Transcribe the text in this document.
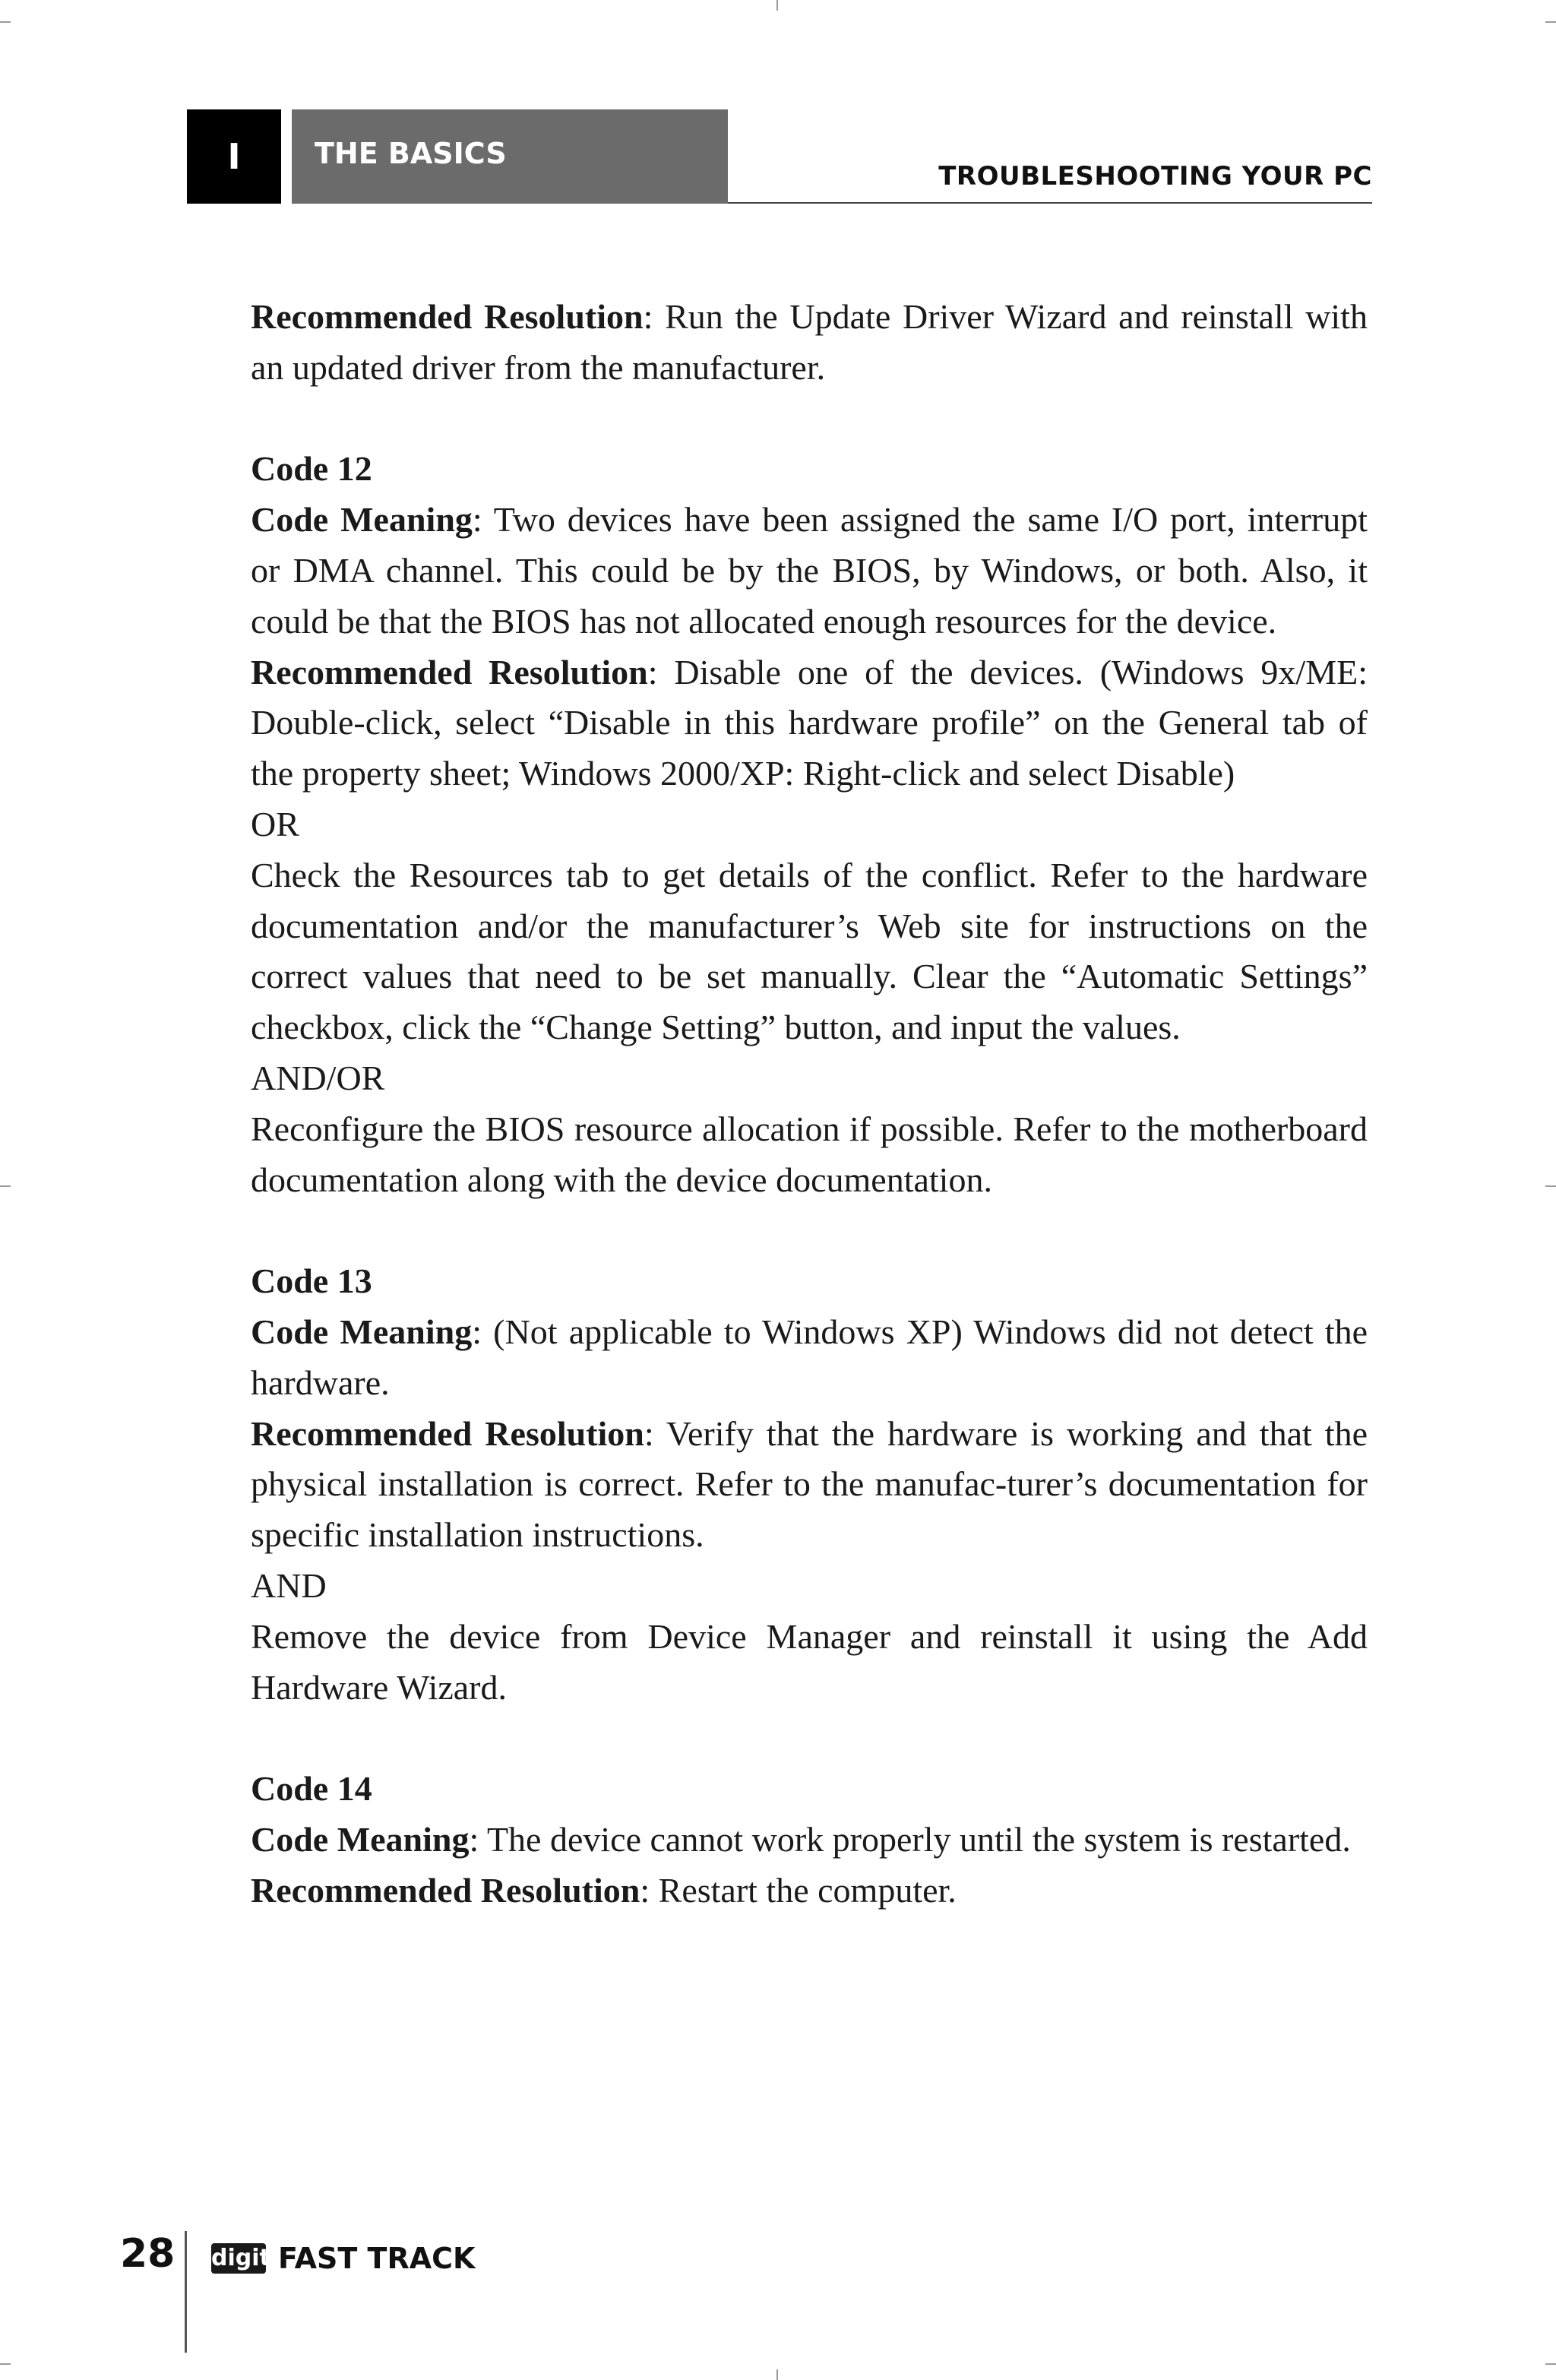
I	THE BASICS
TROUBLESHOOTING YOUR PC

Recommended Resolution: Run the Update Driver Wizard and reinstall with an updated driver from the manufacturer.

Code 12

Code Meaning: Two devices have been assigned the same I/O port, interrupt or DMA channel. This could be by the BIOS, by Windows, or both. Also, it could be that the BIOS has not allocated enough resources for the device.

Recommended Resolution: Disable one of the devices. (Windows 9x/ME: Double-click, select “Disable in this hardware profile” on the General tab of the property sheet; Windows 2000/XP: Right-click and select Disable)

OR

Check the Resources tab to get details of the conflict. Refer to the hardware documentation and/or the manufacturer’s Web site for instructions on the correct values that need to be set manually. Clear the “Automatic Settings” checkbox, click the “Change Setting” button, and input the values.

AND/OR

Reconfigure the BIOS resource allocation if possible. Refer to the motherboard documentation along with the device documentation.

Code 13

Code Meaning: (Not applicable to Windows XP) Windows did not detect the hardware.

Recommended Resolution: Verify that the hardware is working and that the physical installation is correct. Refer to the manufac-turer’s documentation for specific installation instructions.

AND

Remove the device from Device Manager and reinstall it using the Add Hardware Wizard.

Code 14

Code Meaning: The device cannot work properly until the system is restarted.

Recommended Resolution: Restart the computer.

28 digit FAST TRACK
